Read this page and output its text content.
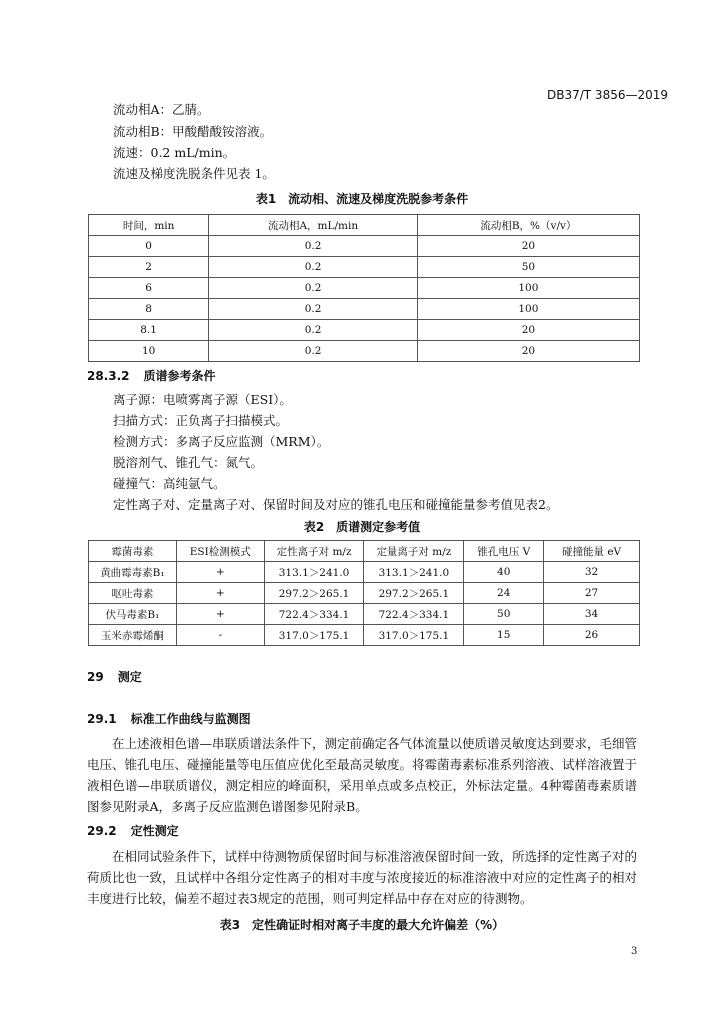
DB37/T 3856—2019
流动相A：乙腈。
流动相B：甲酸醋酸铵溶液。
流速：0.2 mL/min。
流速及梯度洗脱条件见表 1。
表1　流动相、流速及梯度洗脱参考条件
时间，min	流动相A，mL/min	流动相B，%（v/v）
0	0.2	20
2	0.2	50
6	0.2	100
8	0.2	100
8.1	0.2	20
10	0.2	20
28.3.2 质谱参考条件
离子源：电喷雾离子源（ESI）。
扫描方式：正负离子扫描模式。
检测方式：多离子反应监测（MRM）。
脱溶剂气、锥孔气：氮气。
碰撞气：高纯氩气。
定性离子对、定量离子对、保留时间及对应的锥孔电压和碰撞能量参考值见表2。
表2　质谱测定参考值
霉菌毒素	ESI检测模式	定性离子对 m/z	定量离子对 m/z	锥孔电压 V	碰撞能量 eV
黄曲霉毒素B₁	+	313.1＞241.0	313.1＞241.0	40	32
呕吐毒素	+	297.2＞265.1	297.2＞265.1	24	27
伏马毒素B₁	+	722.4＞334.1	722.4＞334.1	50	34
玉米赤霉烯酮	-	317.0＞175.1	317.0＞175.1	15	26
29 测定
29.1 标准工作曲线与监测图
在上述液相色谱—串联质谱法条件下，测定前确定各气体流量以使质谱灵敏度达到要求，毛细管电压、锥孔电压、碰撞能量等电压值应优化至最高灵敏度。将霉菌毒素标准系列溶液、试样溶液置于液相色谱—串联质谱仪，测定相应的峰面积，采用单点或多点校正，外标法定量。4种霉菌毒素质谱图参见附录A，多离子反应监测色谱图参见附录B。
29.2 定性测定
在相同试验条件下，试样中待测物质保留时间与标准溶液保留时间一致，所选择的定性离子对的荷质比也一致，且试样中各组分定性离子的相对丰度与浓度接近的标准溶液中对应的定性离子的相对丰度进行比较，偏差不超过表3规定的范围，则可判定样品中存在对应的待测物。
表3　定性确证时相对离子丰度的最大允许偏差（%）
3
